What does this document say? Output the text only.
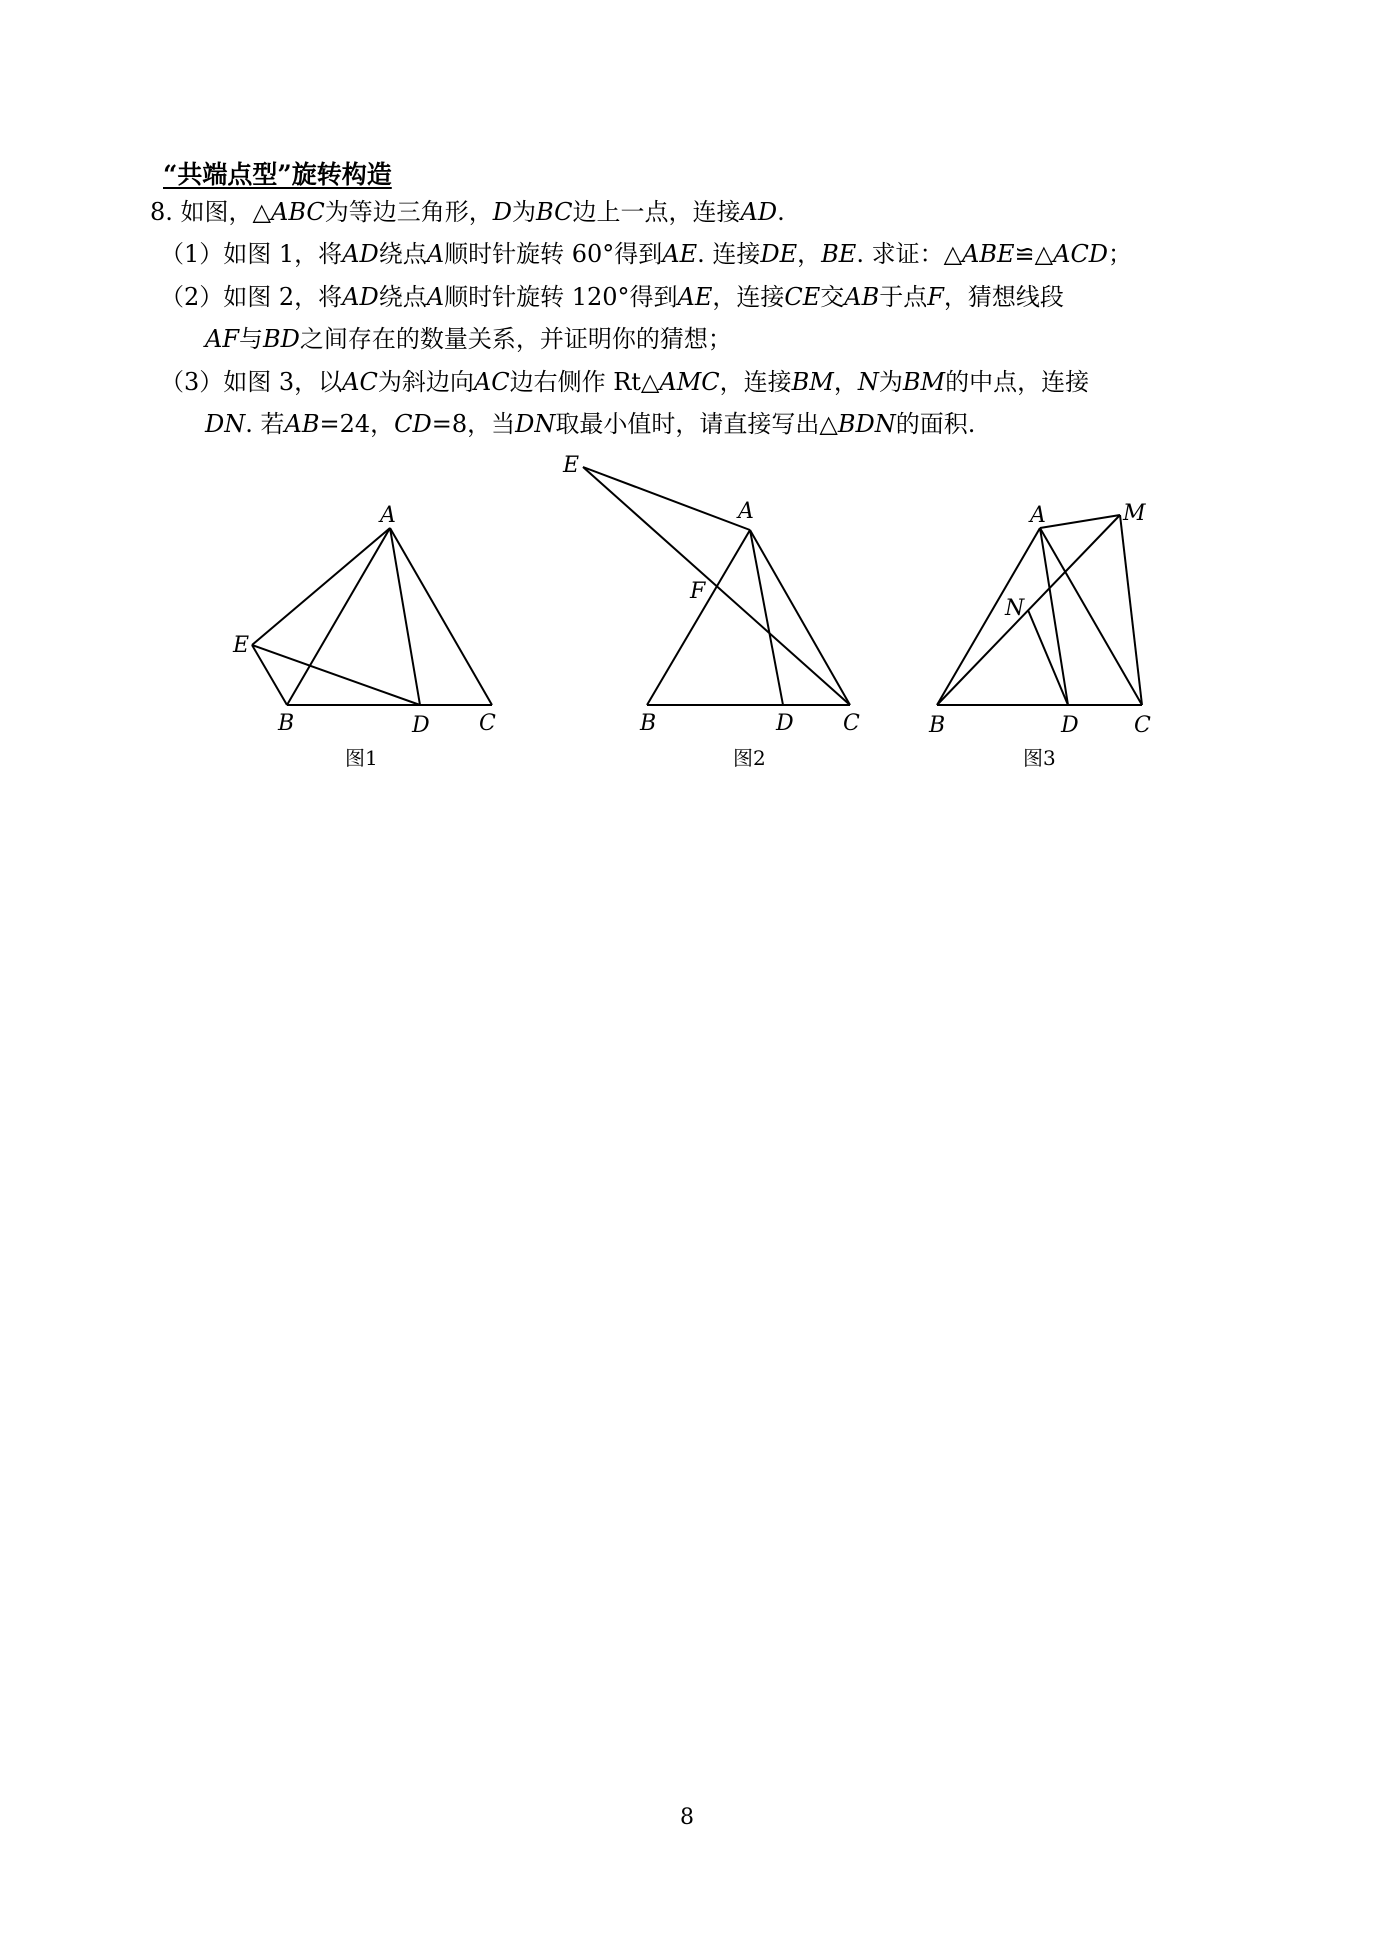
“共端点型”旋转构造
8. 如图，△ABC为等边三角形，D为BC边上一点，连接AD.
（1）如图 1，将AD绕点A顺时针旋转 60°得到AE. 连接DE，BE. 求证：△ABE≌△ACD；
（2）如图 2，将AD绕点A顺时针旋转 120°得到AE，连接CE交AB于点F，猜想线段
AF与BD之间存在的数量关系，并证明你的猜想；
（3）如图 3，以AC为斜边向AC边右侧作 Rt△AMC，连接BM，N为BM的中点，连接
DN. 若AB=24，CD=8，当DN取最小值时，请直接写出△BDN的面积.
A
E
B	D C
图1
E
A
F
B	D C
图2
A	M
N
B	D	C
图3
8
